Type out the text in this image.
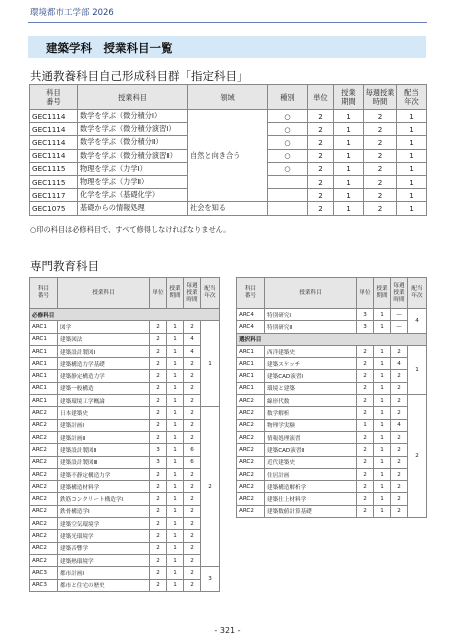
環境都市工学部 2026
建築学科　授業科目一覧
共通教養科目自己形成科目群「指定科目」
科目番号	授業科目	領域	種別	単位	授業期間	毎週授業時間	配当年次

GEC1114	数学を学ぶ（微分積分Ⅰ）	自然と向き合う	○	2	1	2	1
GEC1114	数学を学ぶ（微分積分演習Ⅰ）		○	2	1	2	1
GEC1114	数学を学ぶ（微分積分Ⅱ）		○	2	1	2	1
GEC1114	数学を学ぶ（微分積分演習Ⅱ）		○	2	1	2	1
GEC1115	物理を学ぶ（力学Ⅰ）		○	2	1	2	1
GEC1115	物理を学ぶ（力学Ⅱ）			2	1	2	1
GEC1117	化学を学ぶ（基礎化学）			2	1	2	1
GEC1075	基礎からの情報処理	社会を知る		2	1	2	1
○印の科目は必修科目で、すべて修得しなければなりません。
専門教育科目
科目番号	授業科目	単位	授業期間	毎週授業時間	配当年次

必修科目					
ARC1	図学	2	1	2	1
ARC1	建築図法	2	1	4	
ARC1	建築設計製図Ⅰ	2	1	4	
ARC1	建築構造力学基礎	2	1	2	
ARC1	建築静定構造力学	2	1	2	
ARC1	建築一般構造	2	1	2	
ARC1	建築環境工学概論	2	1	2	
ARC2	日本建築史	2	1	2	2
ARC2	建築計画Ⅰ	2	1	2	
ARC2	建築計画Ⅱ	2	1	2	
ARC2	建築設計製図Ⅱ	3	1	6	
ARC2	建築設計製図Ⅲ	3	1	6	
ARC2	建築不静定構造力学	2	1	2	
ARC2	建築構造材料学	2	1	2	
ARC2	鉄筋コンクリート構造学Ⅰ	2	1	2	
ARC2	鉄骨構造学Ⅰ	2	1	2	
ARC2	建築空気環境学	2	1	2	
ARC2	建築光環境学	2	1	2	
ARC2	建築音響学	2	1	2	
ARC2	建築熱環境学	2	1	2	
ARC3	都市計画Ⅰ	2	1	2	3
ARC3	都市と住宅の歴史	2	1	2	
科目番号	授業科目	単位	授業期間	毎週授業時間	配当年次

ARC4	特別研究Ⅰ	3	1	—	4
ARC4	特別研究Ⅱ	3	1	—	
選択科目					
ARC1	西洋建築史	2	1	2	1
ARC1	建築スケッチ	2	1	4	
ARC1	建築CAD演習Ⅰ	2	1	2	
ARC1	環境と建築	2	1	2	
ARC2	線形代数	2	1	2	2
ARC2	数学解析	2	1	2	
ARC2	物理学実験	1	1	4	
ARC2	情報処理演習	2	1	2	
ARC2	建築CAD演習Ⅱ	2	1	2	
ARC2	近代建築史	2	1	2	
ARC2	住居計画	2	1	2	
ARC2	建築構造解析学	2	1	2	
ARC2	建築仕上材料学	2	1	2	
ARC2	建築数値計算基礎	2	1	2	
- 321 -
